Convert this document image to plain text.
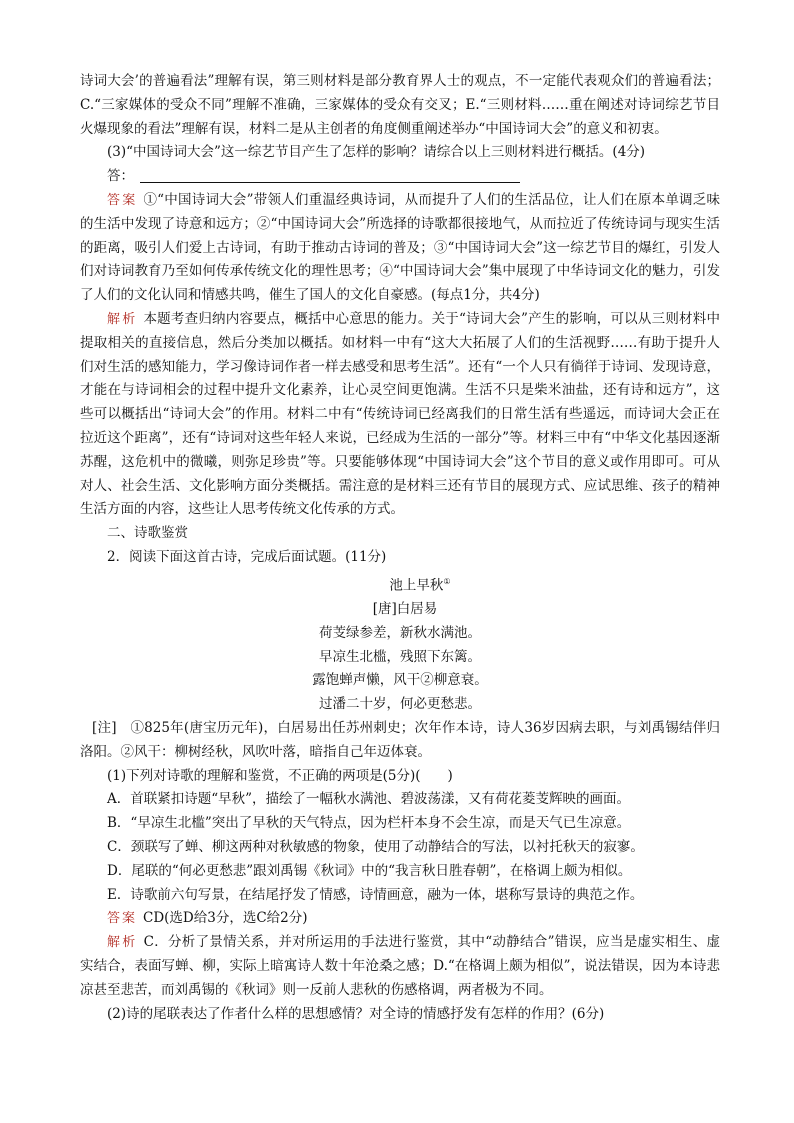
诗词大会’的普遍看法”理解有误，第三则材料是部分教育界人士的观点，不一定能代表观众们的普遍看法；C.“三家媒体的受众不同”理解不准确，三家媒体的受众有交叉；E.“三则材料……重在阐述对诗词综艺节目火爆现象的看法”理解有误，材料二是从主创者的角度侧重阐述举办“中国诗词大会”的意义和初衷。

(3)“中国诗词大会”这一综艺节目产生了怎样的影响？请综合以上三则材料进行概括。(4分)

答：

答案 ①“中国诗词大会”带领人们重温经典诗词，从而提升了人们的生活品位，让人们在原本单调乏味的生活中发现了诗意和远方；②“中国诗词大会”所选择的诗歌都很接地气，从而拉近了传统诗词与现实生活的距离，吸引人们爱上古诗词，有助于推动古诗词的普及；③“中国诗词大会”这一综艺节目的爆红，引发人们对诗词教育乃至如何传承传统文化的理性思考；④“中国诗词大会”集中展现了中华诗词文化的魅力，引发了人们的文化认同和情感共鸣，催生了国人的文化自豪感。(每点1分，共4分)

解析 本题考查归纳内容要点，概括中心意思的能力。关于“诗词大会”产生的影响，可以从三则材料中提取相关的直接信息，然后分类加以概括。如材料一中有“这大大拓展了人们的生活视野……有助于提升人们对生活的感知能力，学习像诗词作者一样去感受和思考生活”。还有“一个人只有徜徉于诗词、发现诗意，才能在与诗词相会的过程中提升文化素养，让心灵空间更饱满。生活不只是柴米油盐，还有诗和远方”，这些可以概括出“诗词大会”的作用。材料二中有“传统诗词已经离我们的日常生活有些遥远，而诗词大会正在拉近这个距离”，还有“诗词对这些年轻人来说，已经成为生活的一部分”等。材料三中有“中华文化基因逐渐苏醒，这危机中的微曦，则弥足珍贵”等。只要能够体现“中国诗词大会”这个节目的意义或作用即可。可从对人、社会生活、文化影响方面分类概括。需注意的是材料三还有节目的展现方式、应试思维、孩子的精神生活方面的内容，这些让人思考传统文化传承的方式。

二、诗歌鉴赏

2．阅读下面这首古诗，完成后面试题。(11分)

池上早秋①

[唐]白居易

荷芰绿参差，新秋水满池。

早凉生北槛，残照下东篱。

露饱蝉声懒，风干②柳意衰。

过潘二十岁，何必更愁悲。

[注]　①825年(唐宝历元年)，白居易出任苏州刺史；次年作本诗，诗人36岁因病去职，与刘禹锡结伴归洛阳。②风干：柳树经秋，风吹叶落，暗指自己年迈体衰。

(1)下列对诗歌的理解和鉴赏，不正确的两项是(5分)(　　)

A．首联紧扣诗题“早秋”，描绘了一幅秋水满池、碧波荡漾，又有荷花菱芰辉映的画面。

B．“早凉生北槛”突出了早秋的天气特点，因为栏杆本身不会生凉，而是天气已生凉意。

C．颈联写了蝉、柳这两种对秋敏感的物象，使用了动静结合的写法，以衬托秋天的寂寥。

D．尾联的“何必更愁悲”跟刘禹锡《秋词》中的“我言秋日胜春朝”，在格调上颇为相似。

E．诗歌前六句写景，在结尾抒发了情感，诗情画意，融为一体，堪称写景诗的典范之作。

答案 CD(选D给3分，选C给2分)

解析 C．分析了景情关系，并对所运用的手法进行鉴赏，其中“动静结合”错误，应当是虚实相生、虚实结合，表面写蝉、柳，实际上暗寓诗人数十年沧桑之感；D.“在格调上颇为相似”，说法错误，因为本诗悲凉甚至悲苦，而刘禹锡的《秋词》则一反前人悲秋的伤感格调，两者极为不同。

(2)诗的尾联表达了作者什么样的思想感情？对全诗的情感抒发有怎样的作用？(6分)
